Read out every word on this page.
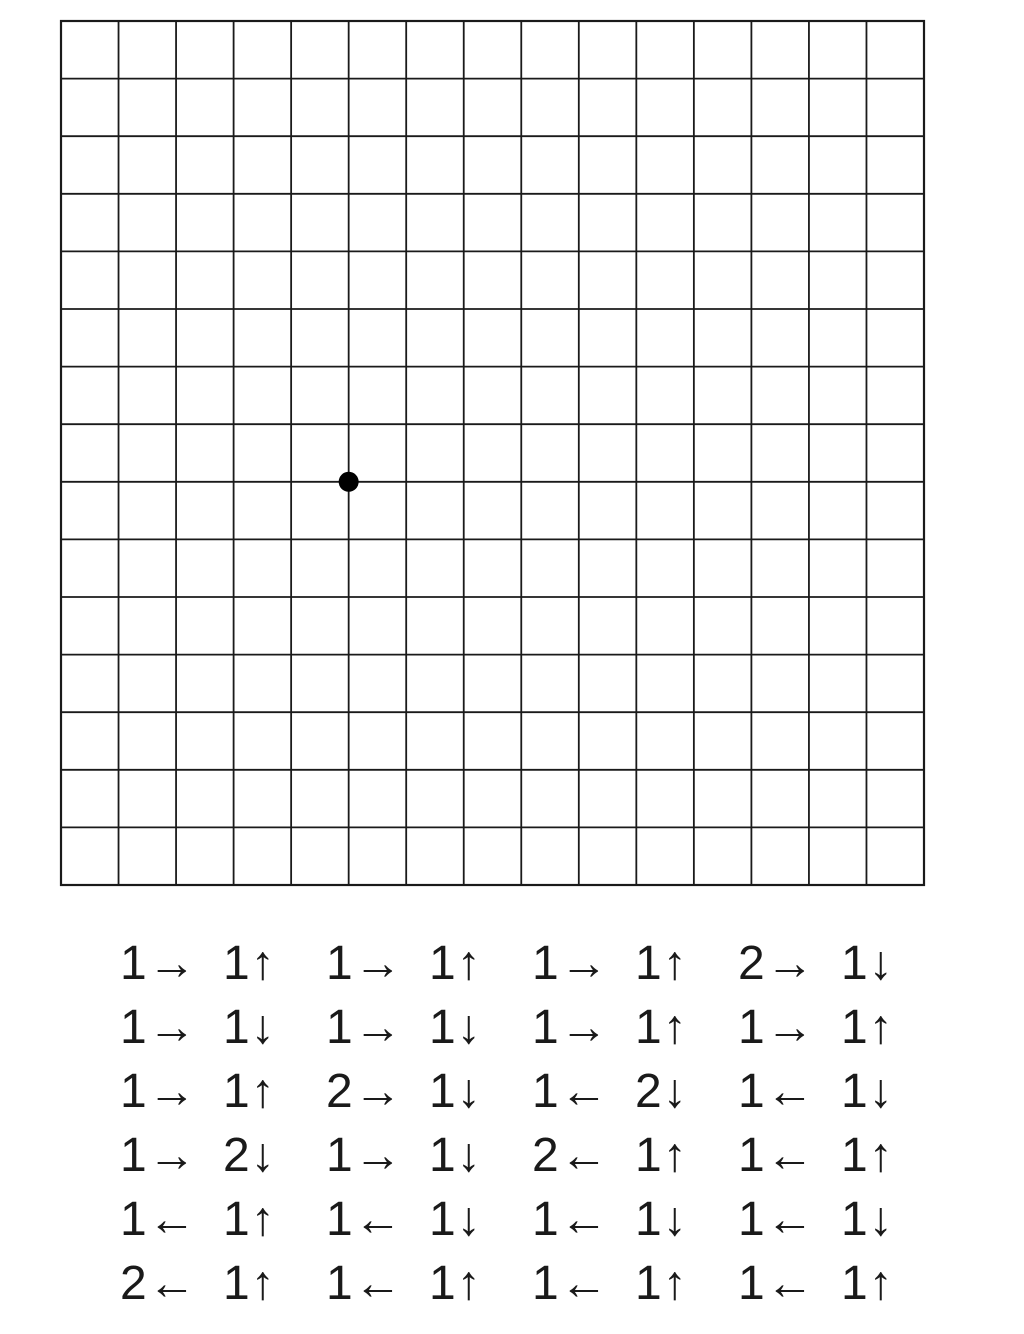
1→ 1↑	1→ 1↑	1→ 1↑	2→ 1↓
1→ 1↓	1→ 1↓	1→ 1↑	1→ 1↑
1→ 1↑	2→ 1↓	1← 2↓	1← 1↓
1→ 2↓	1→ 1↓	2← 1↑	1← 1↑
1← 1↑	1← 1↓	1← 1↓	1← 1↓
2← 1↑	1← 1↑	1← 1↑	1← 1↑
